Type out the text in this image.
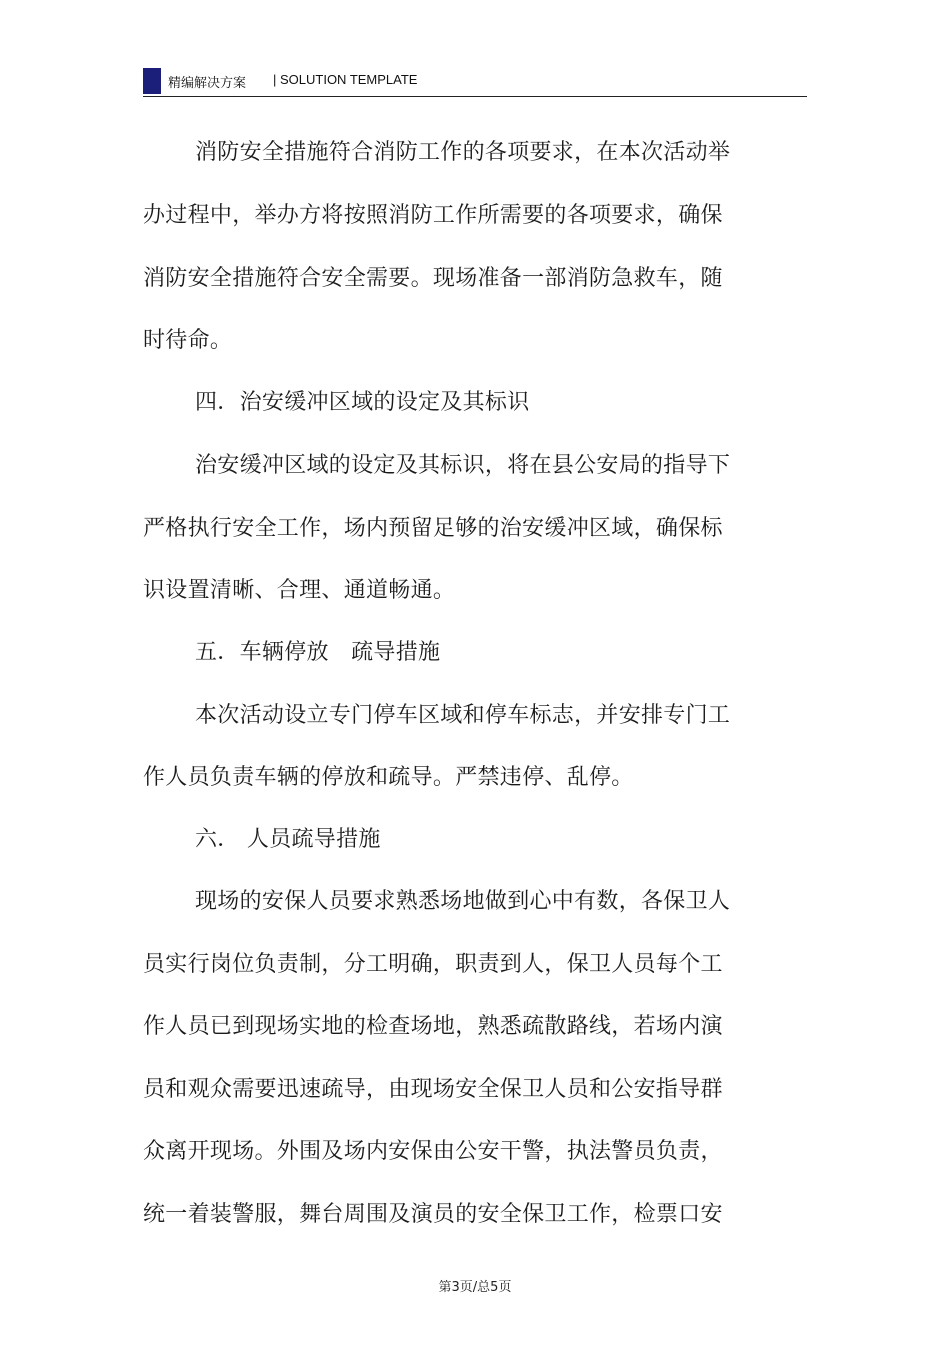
精编解决方案 | SOLUTION TEMPLATE
消防安全措施符合消防工作的各项要求，在本次活动举
办过程中，举办方将按照消防工作所需要的各项要求，确保
消防安全措施符合安全需要。现场准备一部消防急救车，随
时待命。
四．治安缓冲区域的设定及其标识
治安缓冲区域的设定及其标识，将在县公安局的指导下
严格执行安全工作，场内预留足够的治安缓冲区域，确保标
识设置清晰、合理、通道畅通。
五．车辆停放　疏导措施
本次活动设立专门停车区域和停车标志，并安排专门工
作人员负责车辆的停放和疏导。严禁违停、乱停。
六． 人员疏导措施
现场的安保人员要求熟悉场地做到心中有数，各保卫人
员实行岗位负责制，分工明确，职责到人，保卫人员每个工
作人员已到现场实地的检查场地，熟悉疏散路线，若场内演
员和观众需要迅速疏导，由现场安全保卫人员和公安指导群
众离开现场。外围及场内安保由公安干警，执法警员负责，
统一着装警服，舞台周围及演员的安全保卫工作，检票口安
第3页/总5页
